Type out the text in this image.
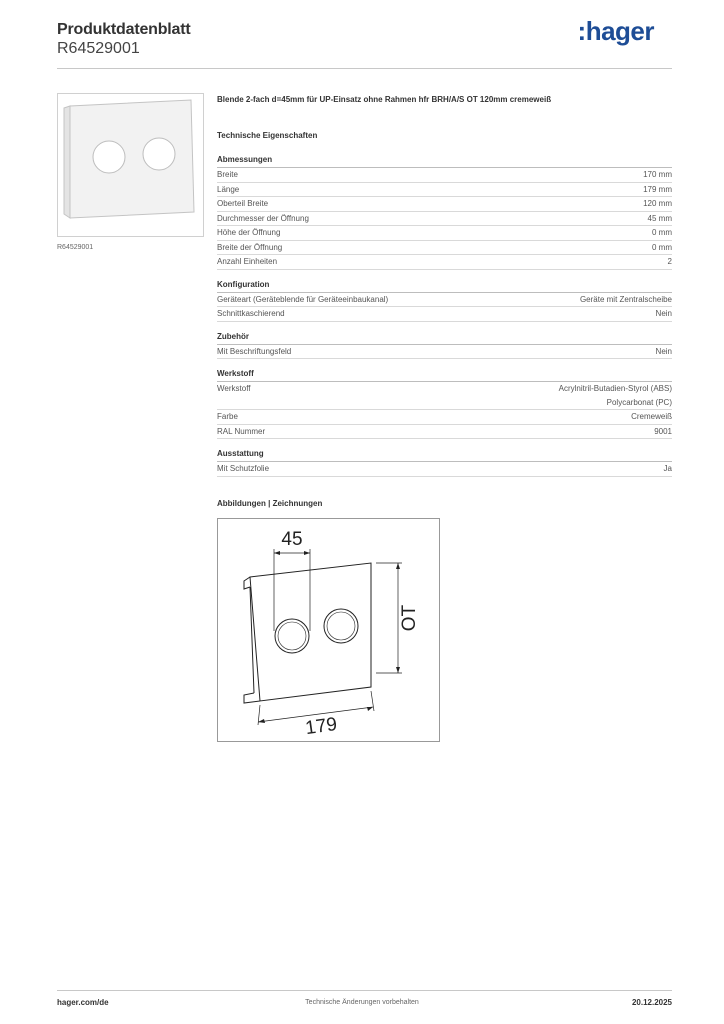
Produktdatenblatt
R64529001
:hager
R64529001
Blende 2-fach d=45mm für UP-Einsatz ohne Rahmen hfr BRH/A/S OT 120mm cremeweiß
Technische Eigenschaften
Abmessungen
Breite	170 mm
Länge	179 mm
Oberteil Breite	120 mm
Durchmesser der Öffnung	45 mm
Höhe der Öffnung	0 mm
Breite der Öffnung	0 mm
Anzahl Einheiten	2
Konfiguration
Geräteart (Geräteblende für Geräteeinbaukanal)	Geräte mit Zentralscheibe
Schnittkaschierend	Nein
Zubehör
Mit Beschriftungsfeld	Nein
Werkstoff
Werkstoff	Acrylnitril-Butadien-Styrol (ABS)
Polycarbonat (PC)
Farbe	Cremeweiß
RAL Nummer	9001
Ausstattung
Mit Schutzfolie	Ja
Abbildungen | Zeichnungen
45
OT
179
hager.com/de	Technische Änderungen vorbehalten	20.12.2025
